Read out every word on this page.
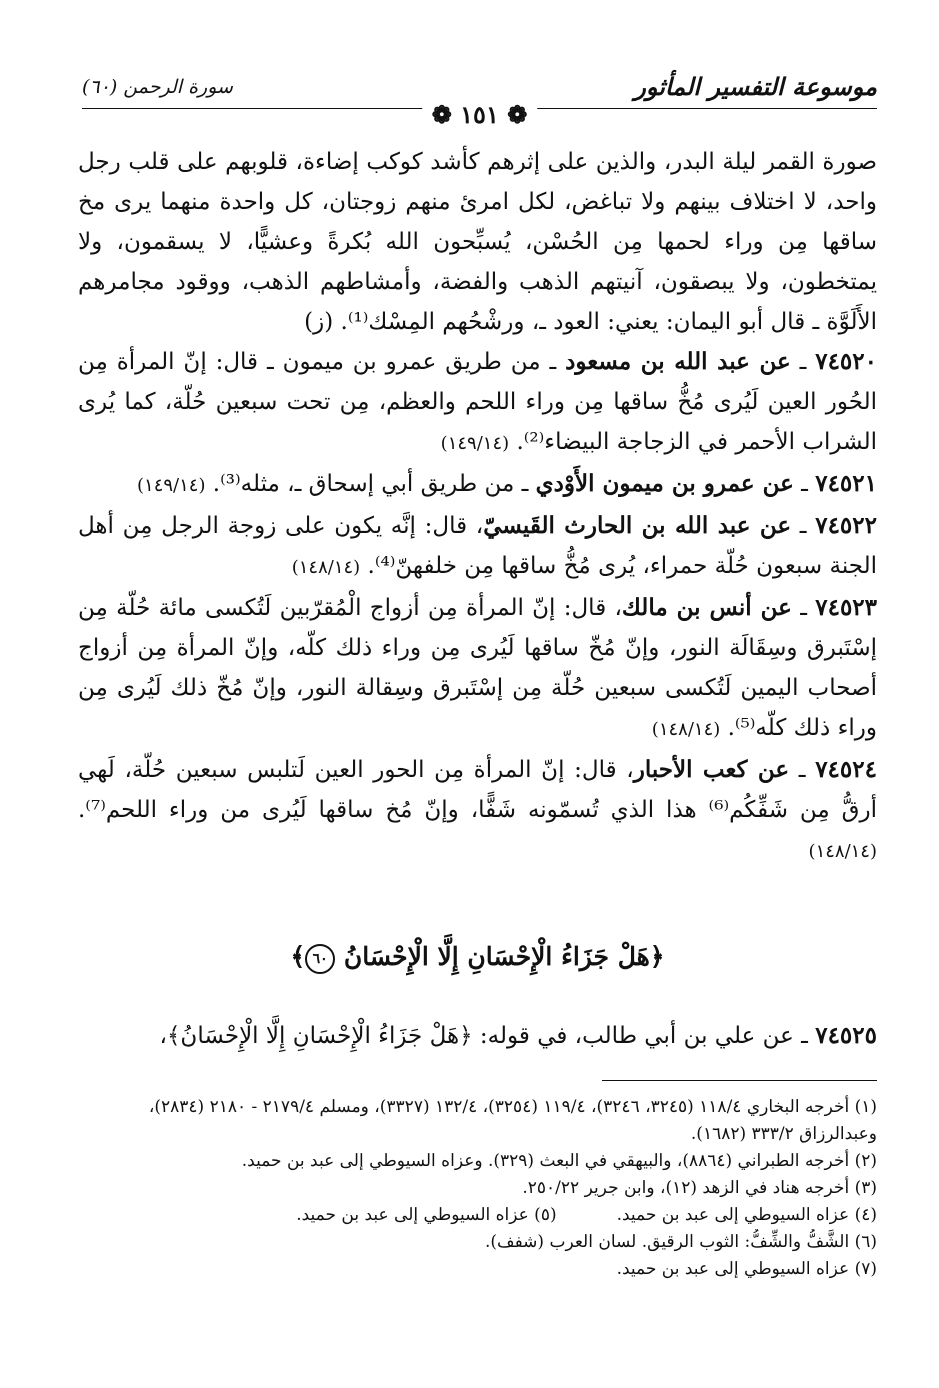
موسوعة التفسير المأثور
سورة الرحمن (٦٠)
❁ ١٥١ ❁

صورة القمر ليلة البدر، والذين على إثرهم كأشد كوكب إضاءة، قلوبهم على قلب رجل واحد، لا اختلاف بينهم ولا تباغض، لكل امرئ منهم زوجتان، كل واحدة منهما يرى مخ ساقها مِن وراء لحمها مِن الحُسْن، يُسبِّحون الله بُكرةً وعشيًّا، لا يسقمون، ولا يمتخطون، ولا يبصقون، آنيتهم الذهب والفضة، وأمشاطهم الذهب، ووقود مجامرهم الأَلَوَّة ـ قال أبو اليمان: يعني: العود ـ، ورشْحُهم المِسْك⁽¹⁾. (ز)

٧٤٥٢٠ ـ عن عبد الله بن مسعود ـ من طريق عمرو بن ميمون ـ قال: إنّ المرأة مِن الحُور العين لَيُرى مُخُّ ساقها مِن وراء اللحم والعظم، مِن تحت سبعين حُلّة، كما يُرى الشراب الأحمر في الزجاجة البيضاء⁽²⁾. (١٤٩/١٤)

٧٤٥٢١ ـ عن عمرو بن ميمون الأَوْدي ـ من طريق أبي إسحاق ـ، مثله⁽³⁾. (١٤٩/١٤)

٧٤٥٢٢ ـ عن عبد الله بن الحارث القَيسيّ، قال: إنَّه يكون على زوجة الرجل مِن أهل الجنة سبعون حُلّة حمراء، يُرى مُخُّ ساقها مِن خلفهنّ⁽⁴⁾. (١٤٨/١٤)

٧٤٥٢٣ ـ عن أنس بن مالك، قال: إنّ المرأة مِن أزواج الْمُقرّبين لَتُكسى مائة حُلّة مِن إسْتَبرق وسِقَالَة النور، وإنّ مُخّ ساقها لَيُرى مِن وراء ذلك كلّه، وإنّ المرأة مِن أزواج أصحاب اليمين لَتُكسى سبعين حُلّة مِن إسْتَبرق وسِقالة النور، وإنّ مُخّ ذلك لَيُرى مِن وراء ذلك كلّه⁽⁵⁾. (١٤٨/١٤)

٧٤٥٢٤ ـ عن كعب الأحبار، قال: إنّ المرأة مِن الحور العين لَتلبس سبعين حُلّة، لَهي أرقُّ مِن شَفِّكُم⁽⁶⁾ هذا الذي تُسمّونه شَفًّا، وإنّ مُخ ساقها لَيُرى من وراء اللحم⁽⁷⁾. (١٤٨/١٤)

﴿هَلْ جَزَاءُ الْإِحْسَانِ إِلَّا الْإِحْسَانُ ٦٠﴾
٧٤٥٢٥ ـ عن علي بن أبي طالب، في قوله: ﴿هَلْ جَزَاءُ الْإِحْسَانِ إِلَّا الْإِحْسَانُ﴾،
(١) أخرجه البخاري ١١٨/٤ (٣٢٤٥، ٣٢٤٦)، ١١٩/٤ (٣٢٥٤)، ١٣٢/٤ (٣٣٢٧)، ومسلم ٢١٧٩/٤ - ٢١٨٠ (٢٨٣٤)، وعبدالرزاق ٣٣٣/٢ (١٦٨٢).
(٢) أخرجه الطبراني (٨٨٦٤)، والبيهقي في البعث (٣٢٩). وعزاه السيوطي إلى عبد بن حميد.
(٣) أخرجه هناد في الزهد (١٢)، وابن جرير ٢٥٠/٢٢.
(٤) عزاه السيوطي إلى عبد بن حميد.
(٥) عزاه السيوطي إلى عبد بن حميد.
(٦) الشَّفُّ والشِّفُّ: الثوب الرقيق. لسان العرب (شفف).
(٧) عزاه السيوطي إلى عبد بن حميد.
